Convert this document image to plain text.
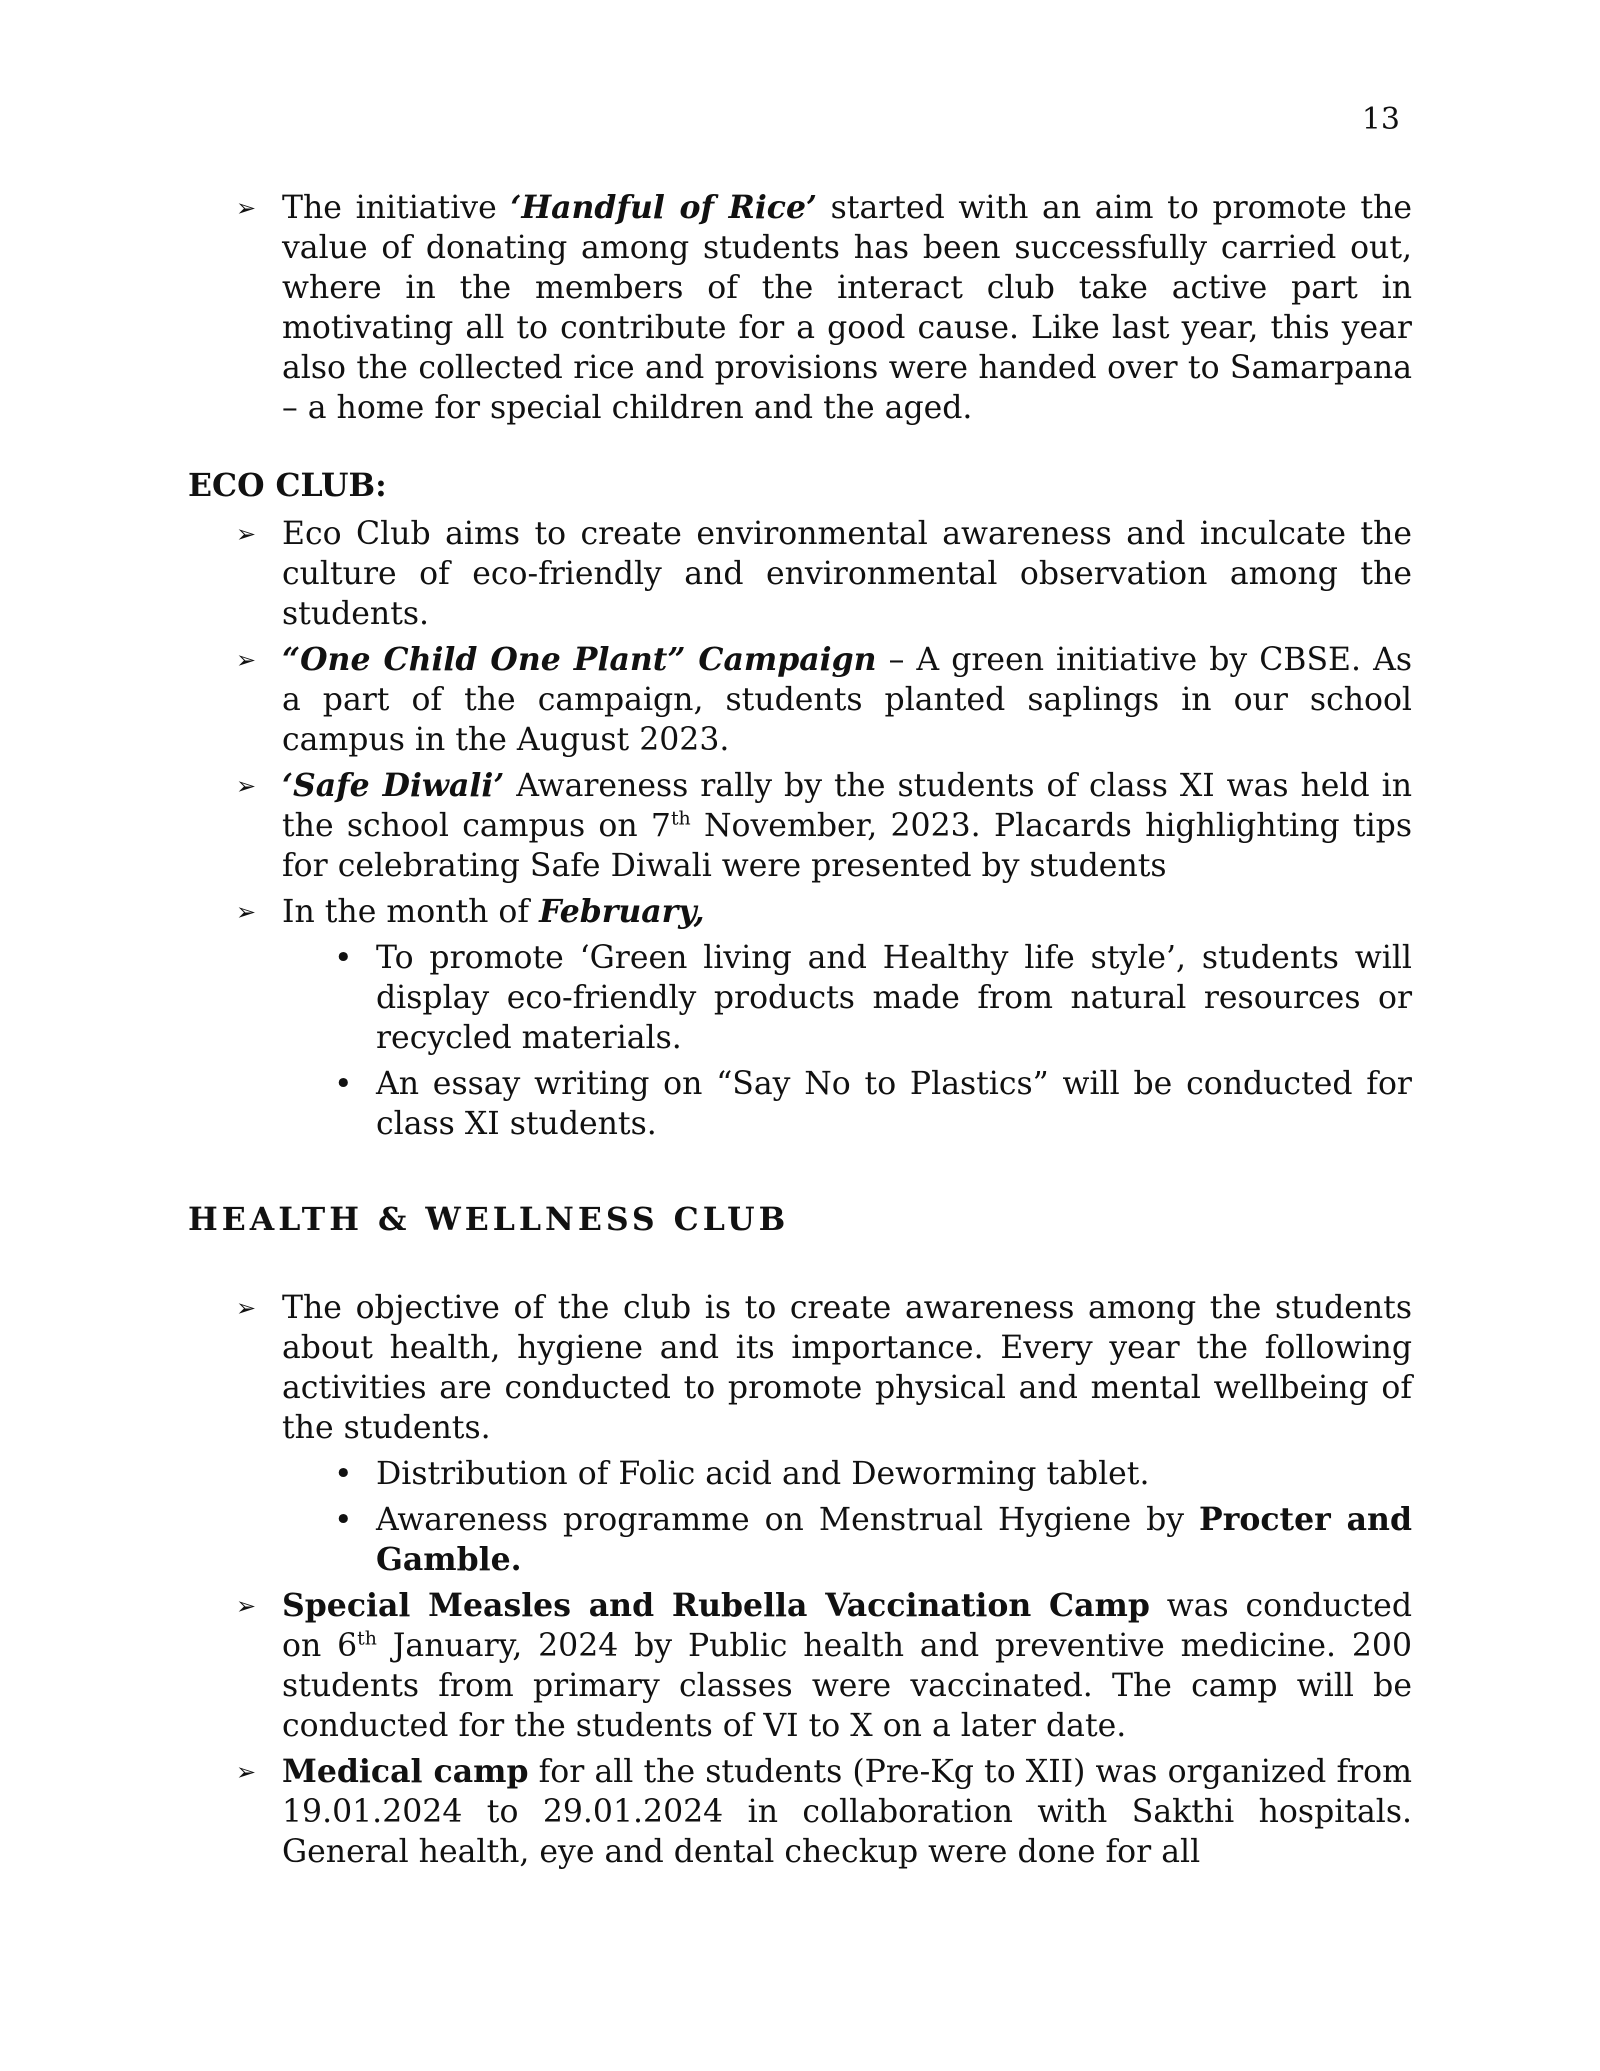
13
➢ The initiative ‘Handful of Rice’ started with an aim to promote the value of donating among students has been successfully carried out, where in the members of the interact club take active part in motivating all to contribute for a good cause. Like last year, this year also the collected rice and provisions were handed over to Samarpana – a home for special children and the aged.
ECO CLUB:
➢ Eco Club aims to create environmental awareness and inculcate the culture of eco-friendly and environmental observation among the students.
➢ “One Child One Plant” Campaign – A green initiative by CBSE. As a part of the campaign, students planted saplings in our school campus in the August 2023.
➢ ‘Safe Diwali’ Awareness rally by the students of class XI was held in the school campus on 7th November, 2023. Placards highlighting tips for celebrating Safe Diwali were presented by students
➢ In the month of February,
• To promote ‘Green living and Healthy life style’, students will display eco-friendly products made from natural resources or recycled materials.
• An essay writing on “Say No to Plastics” will be conducted for class XI students.
HEALTH & WELLNESS CLUB
➢ The objective of the club is to create awareness among the students about health, hygiene and its importance. Every year the following activities are conducted to promote physical and mental wellbeing of the students.
• Distribution of Folic acid and Deworming tablet.
• Awareness programme on Menstrual Hygiene by Procter and Gamble.
➢ Special Measles and Rubella Vaccination Camp was conducted on 6th January, 2024 by Public health and preventive medicine. 200 students from primary classes were vaccinated. The camp will be conducted for the students of VI to X on a later date.
➢ Medical camp for all the students (Pre-Kg to XII) was organized from 19.01.2024 to 29.01.2024 in collaboration with Sakthi hospitals. General health, eye and dental checkup were done for all
